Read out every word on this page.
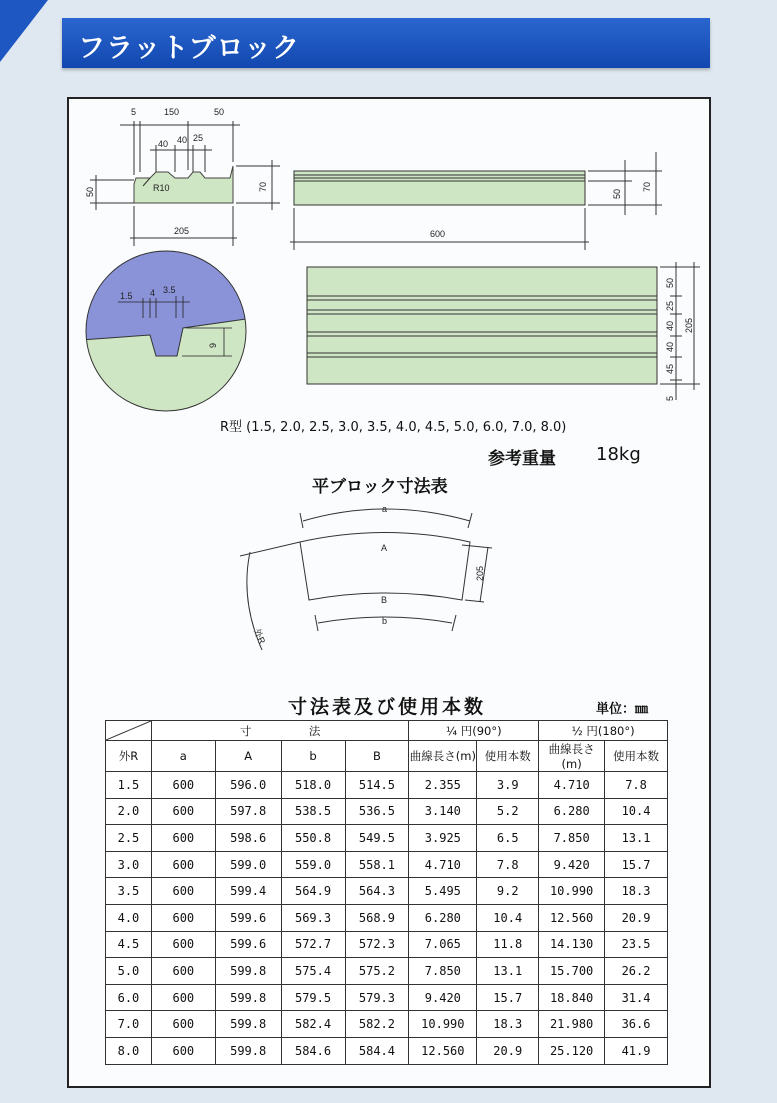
フラットブロック
5	150	50
40 40 25
R10
50	70
205
50
70
600
1.5 4 3.5
9
50
25
40
40
45
5
205
a
A
B
b
205
外R
R型 (1.5, 2.0, 2.5, 3.0, 3.5, 4.0, 4.5, 5.0, 6.0, 7.0, 8.0)
参考重量 18kg
平ブロック寸法表
寸法表及び使用本数	単位：㎜
	寸　　　　　法				¼ 円(90°)		½ 円(180°)	
外R	a	A	b	B	曲線長さ(m)	使用本数	曲線長さ(m)	使用本数
1.5	600	596.0	518.0	514.5	2.355	3.9	4.710	7.8
2.0	600	597.8	538.5	536.5	3.140	5.2	6.280	10.4
2.5	600	598.6	550.8	549.5	3.925	6.5	7.850	13.1
3.0	600	599.0	559.0	558.1	4.710	7.8	9.420	15.7
3.5	600	599.4	564.9	564.3	5.495	9.2	10.990	18.3
4.0	600	599.6	569.3	568.9	6.280	10.4	12.560	20.9
4.5	600	599.6	572.7	572.3	7.065	11.8	14.130	23.5
5.0	600	599.8	575.4	575.2	7.850	13.1	15.700	26.2
6.0	600	599.8	579.5	579.3	9.420	15.7	18.840	31.4
7.0	600	599.8	582.4	582.2	10.990	18.3	21.980	36.6
8.0	600	599.8	584.6	584.4	12.560	20.9	25.120	41.9
